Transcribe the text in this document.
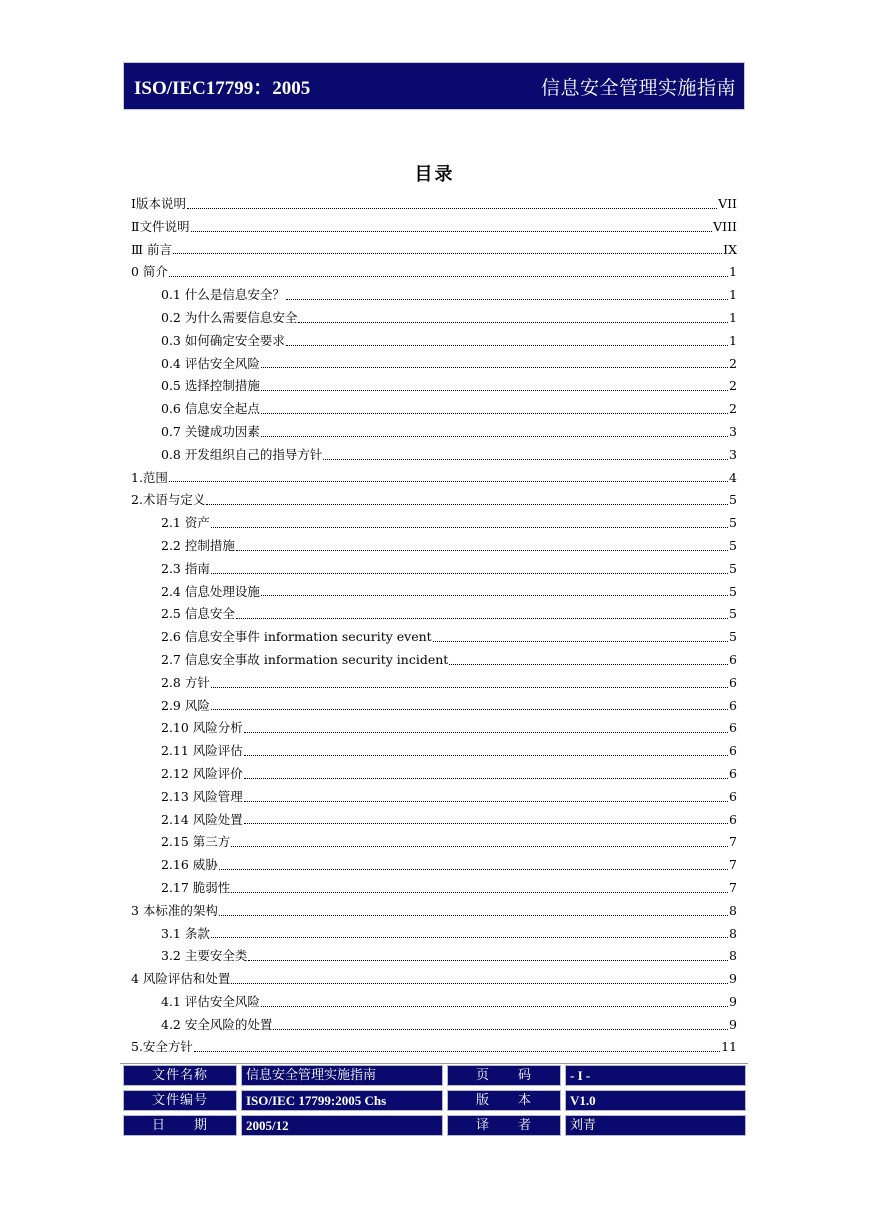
ISO/IEC17799：2005	信息安全管理实施指南
目录
Ⅰ版本说明	VII
Ⅱ文件说明	VIII
Ⅲ 前言	IX
0 简介	1
0.1 什么是信息安全？	1
0.2 为什么需要信息安全	1
0.3 如何确定安全要求	1
0.4 评估安全风险	2
0.5 选择控制措施	2
0.6 信息安全起点	2
0.7 关键成功因素	3
0.8 开发组织自己的指导方针	3
1.范围	4
2.术语与定义	5
2.1 资产	5
2.2 控制措施	5
2.3 指南	5
2.4 信息处理设施	5
2.5 信息安全	5
2.6 信息安全事件 information security event	5
2.7 信息安全事故 information security incident	6
2.8 方针	6
2.9 风险	6
2.10 风险分析	6
2.11 风险评估	6
2.12 风险评价	6
2.13 风险管理	6
2.14 风险处置	6
2.15 第三方	7
2.16 威胁	7
2.17 脆弱性	7
3 本标准的架构	8
3.1 条款	8
3.2 主要安全类	8
4 风险评估和处置	9
4.1 评估安全风险	9
4.2 安全风险的处置	9
5.安全方针	11
文件名称	信息安全管理实施指南	页　　码	- I -
文件编号	ISO/IEC 17799:2005 Chs	版　　本	V1.0
日　　期	2005/12	译　　者	刘青
